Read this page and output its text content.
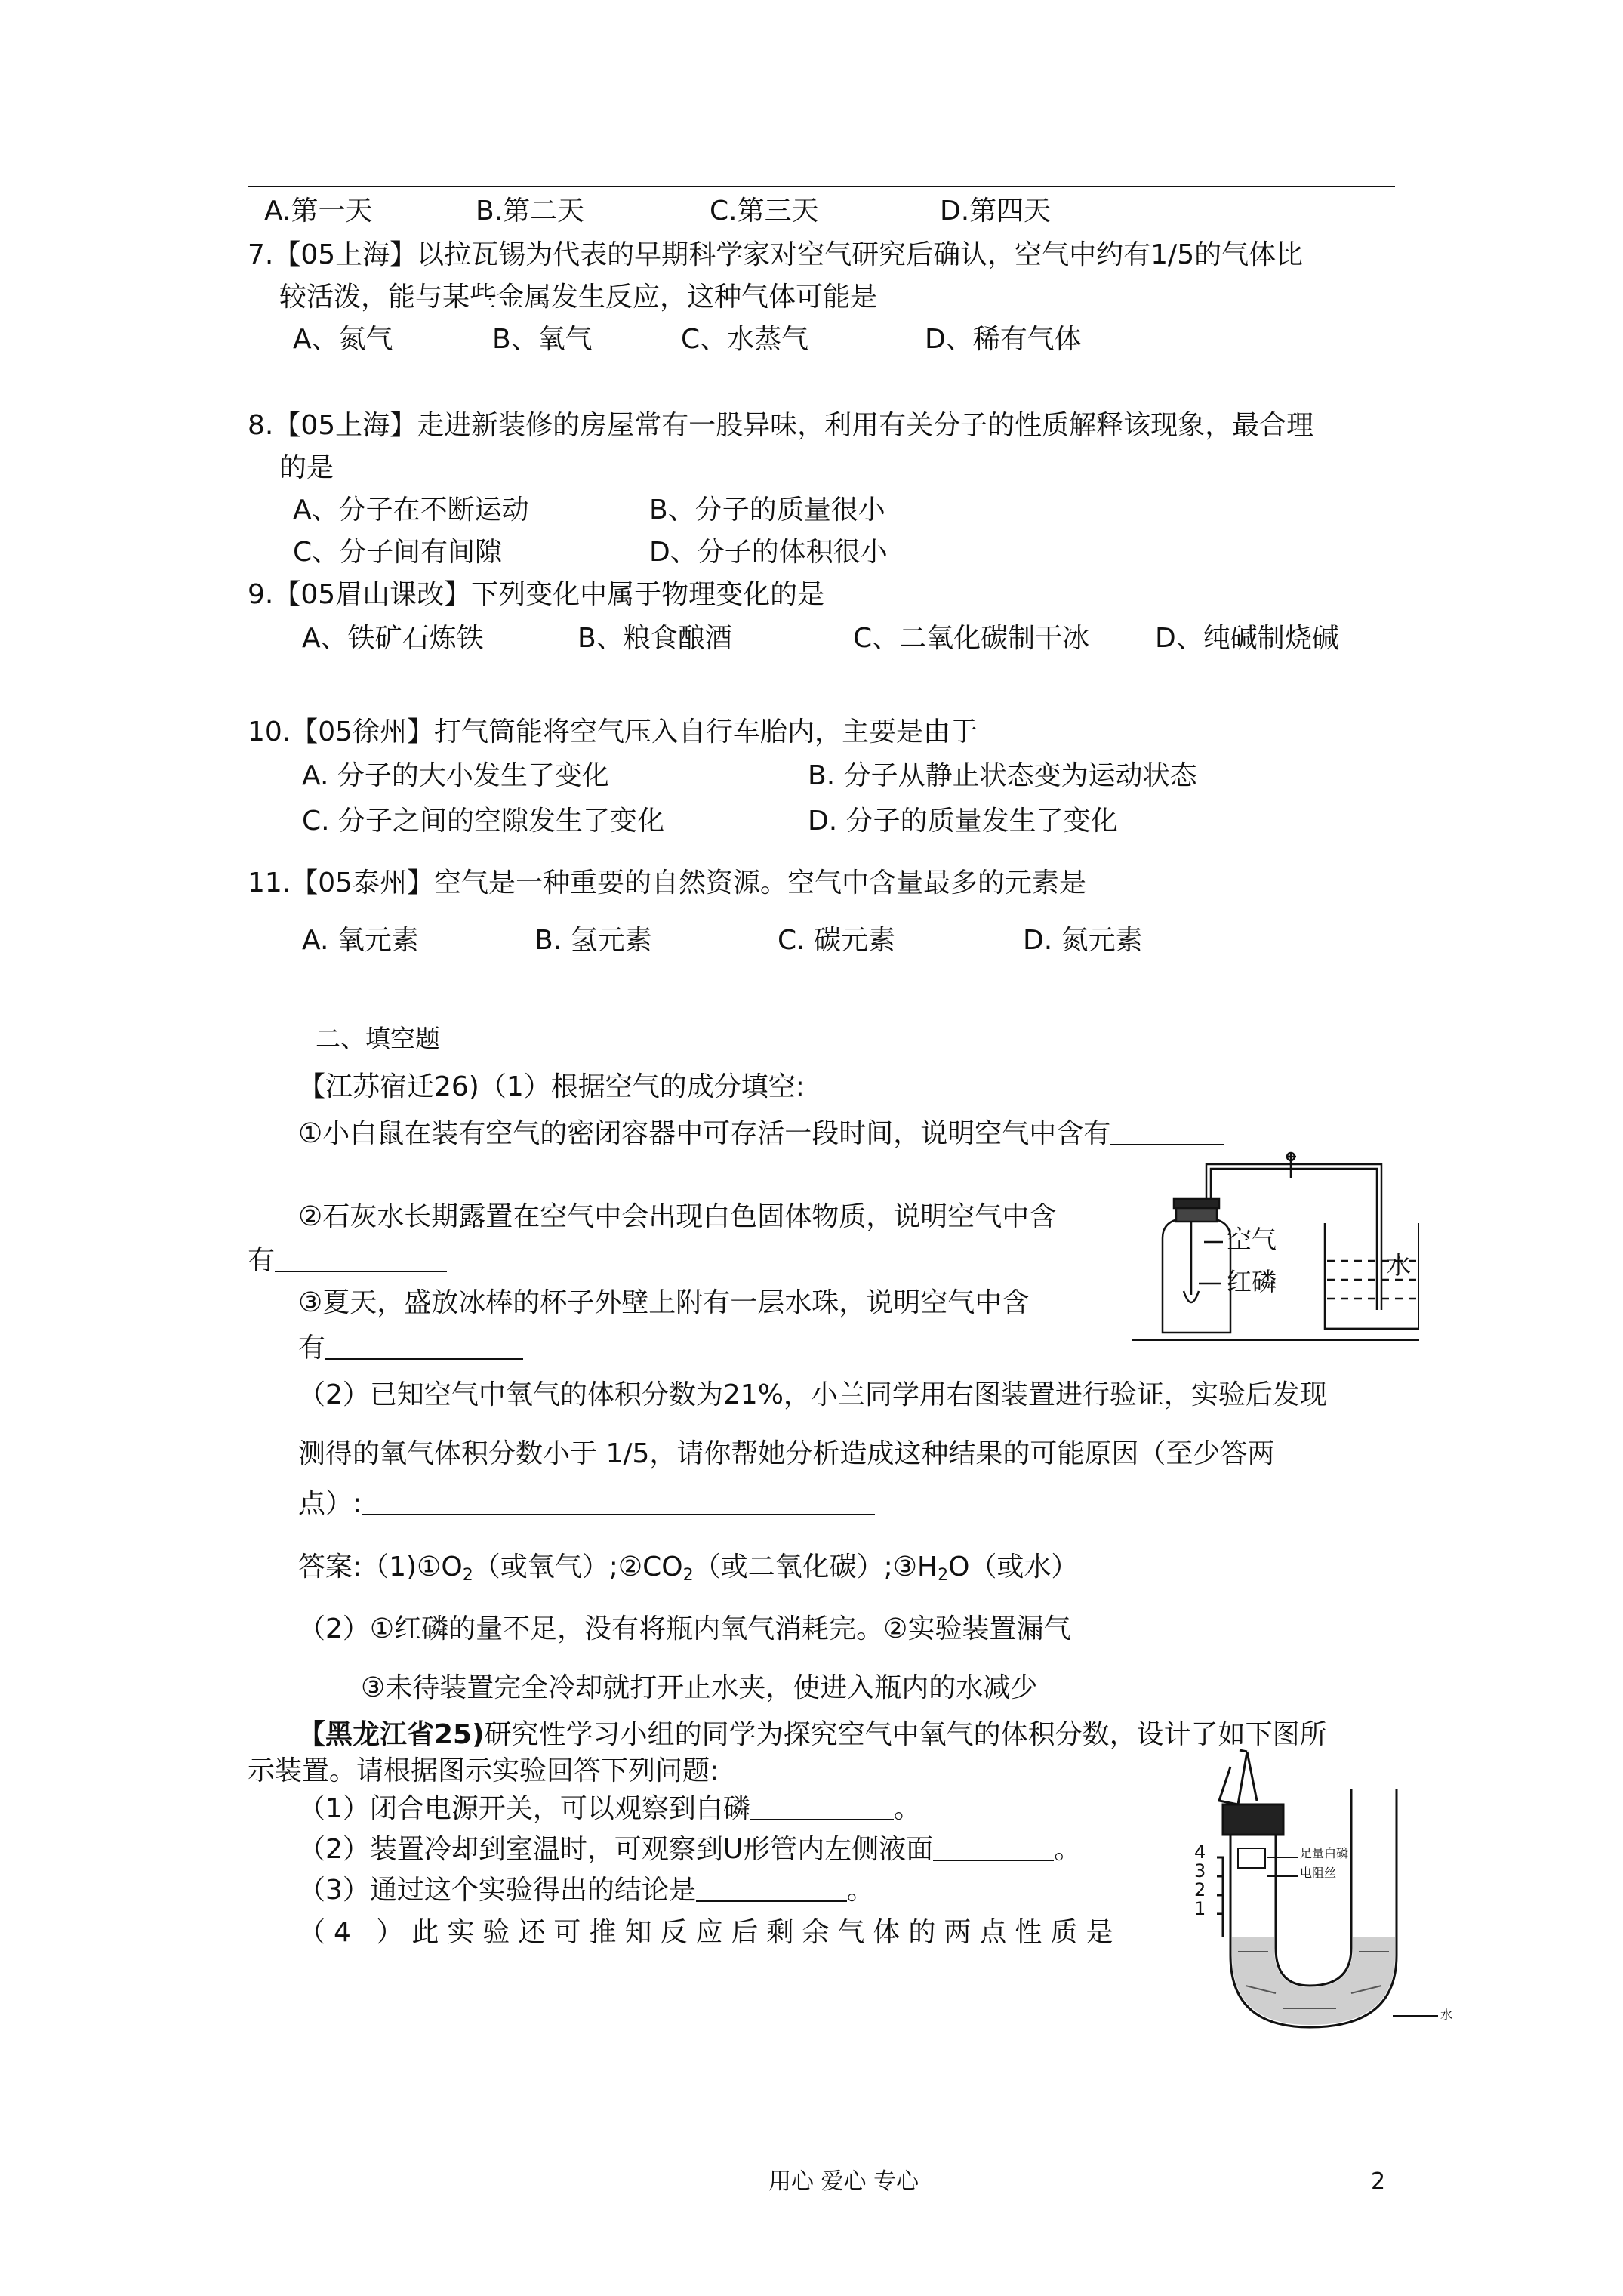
A.第一天	B.第二天	C.第三天	D.第四天
7.【05上海】以拉瓦锡为代表的早期科学家对空气研究后确认，空气中约有1/5的气体比
较活泼，能与某些金属发生反应，这种气体可能是
A、氮气	B、氧气	C、水蒸气	D、稀有气体
8.【05上海】走进新装修的房屋常有一股异味，利用有关分子的性质解释该现象，最合理
的是
A、分子在不断运动	B、分子的质量很小
C、分子间有间隙	D、分子的体积很小
9.【05眉山课改】下列变化中属于物理变化的是
A、铁矿石炼铁	B、粮食酿酒	C、二氧化碳制干冰 D、纯碱制烧碱
10.【05徐州】打气筒能将空气压入自行车胎内，主要是由于
A. 分子的大小发生了变化	B. 分子从静止状态变为运动状态
C. 分子之间的空隙发生了变化	D. 分子的质量发生了变化
11.【05泰州】空气是一种重要的自然资源。空气中含量最多的元素是
A. 氧元素	B. 氢元素	C. 碳元素	D. 氮元素
二、填空题
【江苏宿迁26)（1）根据空气的成分填空:
①小白鼠在装有空气的密闭容器中可存活一段时间，说明空气中含有
②石灰水长期露置在空气中会出现白色固体物质，说明空气中含
有
③夏天，盛放冰棒的杯子外壁上附有一层水珠，说明空气中含
有
（2）已知空气中氧气的体积分数为21%，小兰同学用右图装置进行验证，实验后发现
测得的氧气体积分数小于 1/5，请你帮她分析造成这种结果的可能原因（至少答两
点）:
空气
红磷
水
答案$:(1)①O_2$（或氧气）$;②CO_2$（或二氧化碳）$;③H_2O$（或水）
（2）①红磷的量不足，没有将瓶内氧气消耗完。②实验装置漏气
③未待装置完全冷却就打开止水夹，使进入瓶内的水减少
【黑龙江省25)研究性学习小组的同学为探究空气中氧气的体积分数，设计了如下图所
示装置。请根据图示实验回答下列问题:
（1）闭合电源开关，可以观察到白磷	。
（2）装置冷却到室温时，可观察到U形管内左侧液面	。
（3）通过这个实验得出的结论是	。
（4 ）此实验还可推知反应后剩余气体的两点性质是
4
3
2
1
足量白磷
电阻丝
水
用心 爱心 专心	2
